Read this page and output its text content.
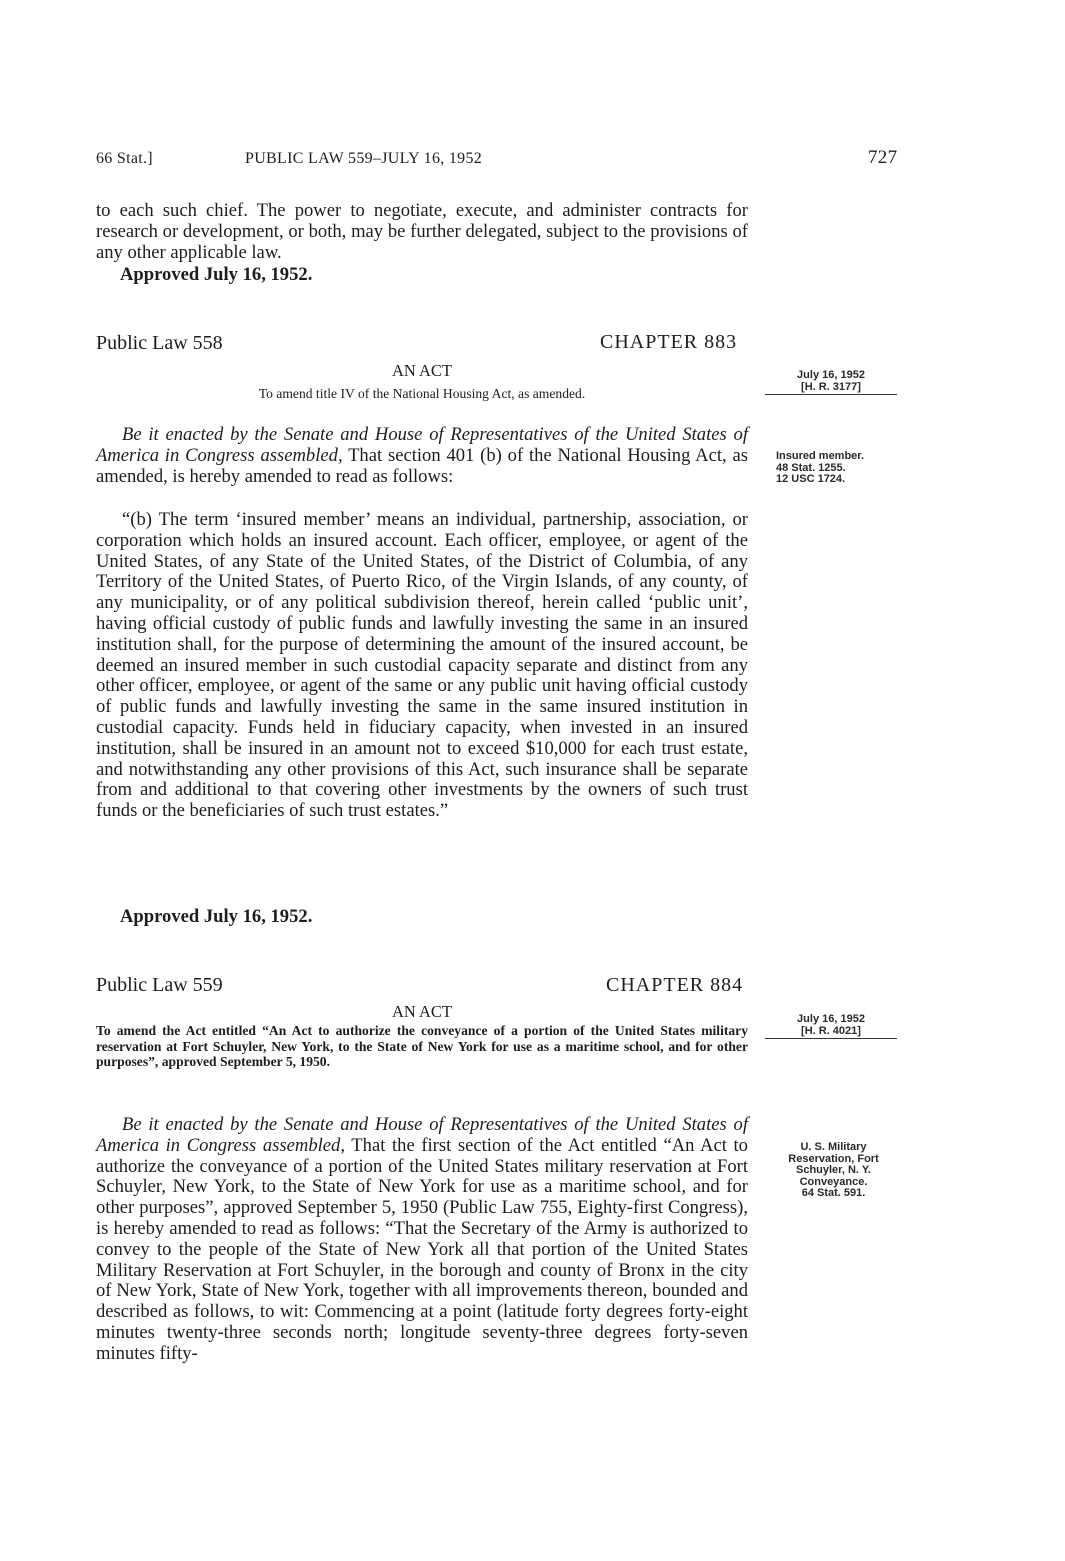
66 Stat.]	PUBLIC LAW 559–JULY 16, 1952	727

to each such chief. The power to negotiate, execute, and administer contracts for research or development, or both, may be further delegated, subject to the provisions of any other applicable law.

Approved July 16, 1952.
Public Law 558	CHAPTER 883
AN ACT
To amend title IV of the National Housing Act, as amended.
July 16, 1952
[H. R. 3177]

Be it enacted by the Senate and House of Representatives of the United States of America in Congress assembled, That section 401 (b) of the National Housing Act, as amended, is hereby amended to read as follows:

Insured member.
48 Stat. 1255.
12 USC 1724.

“(b) The term ‘insured member’ means an individual, partnership, association, or corporation which holds an insured account. Each officer, employee, or agent of the United States, of any State of the United States, of the District of Columbia, of any Territory of the United States, of Puerto Rico, of the Virgin Islands, of any county, of any municipality, or of any political subdivision thereof, herein called ‘public unit’, having official custody of public funds and lawfully investing the same in an insured institution shall, for the purpose of determining the amount of the insured account, be deemed an insured member in such custodial capacity separate and distinct from any other officer, employee, or agent of the same or any public unit having official custody of public funds and lawfully investing the same in the same insured institution in custodial capacity. Funds held in fiduciary capacity, when invested in an insured institution, shall be insured in an amount not to exceed $10,000 for each trust estate, and notwithstanding any other provisions of this Act, such insurance shall be separate from and additional to that covering other investments by the owners of such trust funds or the beneficiaries of such trust estates.”

Approved July 16, 1952.
Public Law 559	CHAPTER 884
AN ACT
To amend the Act entitled “An Act to authorize the conveyance of a portion of the United States military reservation at Fort Schuyler, New York, to the State of New York for use as a maritime school, and for other purposes”, approved September 5, 1950.
July 16, 1952
[H. R. 4021]

Be it enacted by the Senate and House of Representatives of the United States of America in Congress assembled, That the first section of the Act entitled “An Act to authorize the conveyance of a portion of the United States military reservation at Fort Schuyler, New York, to the State of New York for use as a maritime school, and for other purposes”, approved September 5, 1950 (Public Law 755, Eighty-first Congress), is hereby amended to read as follows: “That the Secretary of the Army is authorized to convey to the people of the State of New York all that portion of the United States Military Reservation at Fort Schuyler, in the borough and county of Bronx in the city of New York, State of New York, together with all improvements thereon, bounded and described as follows, to wit: Commencing at a point (latitude forty degrees forty-eight minutes twenty-three seconds north; longitude seventy-three degrees forty-seven minutes fifty-

U. S. Military
Reservation, Fort
Schuyler, N. Y.
Conveyance.
64 Stat. 591.
